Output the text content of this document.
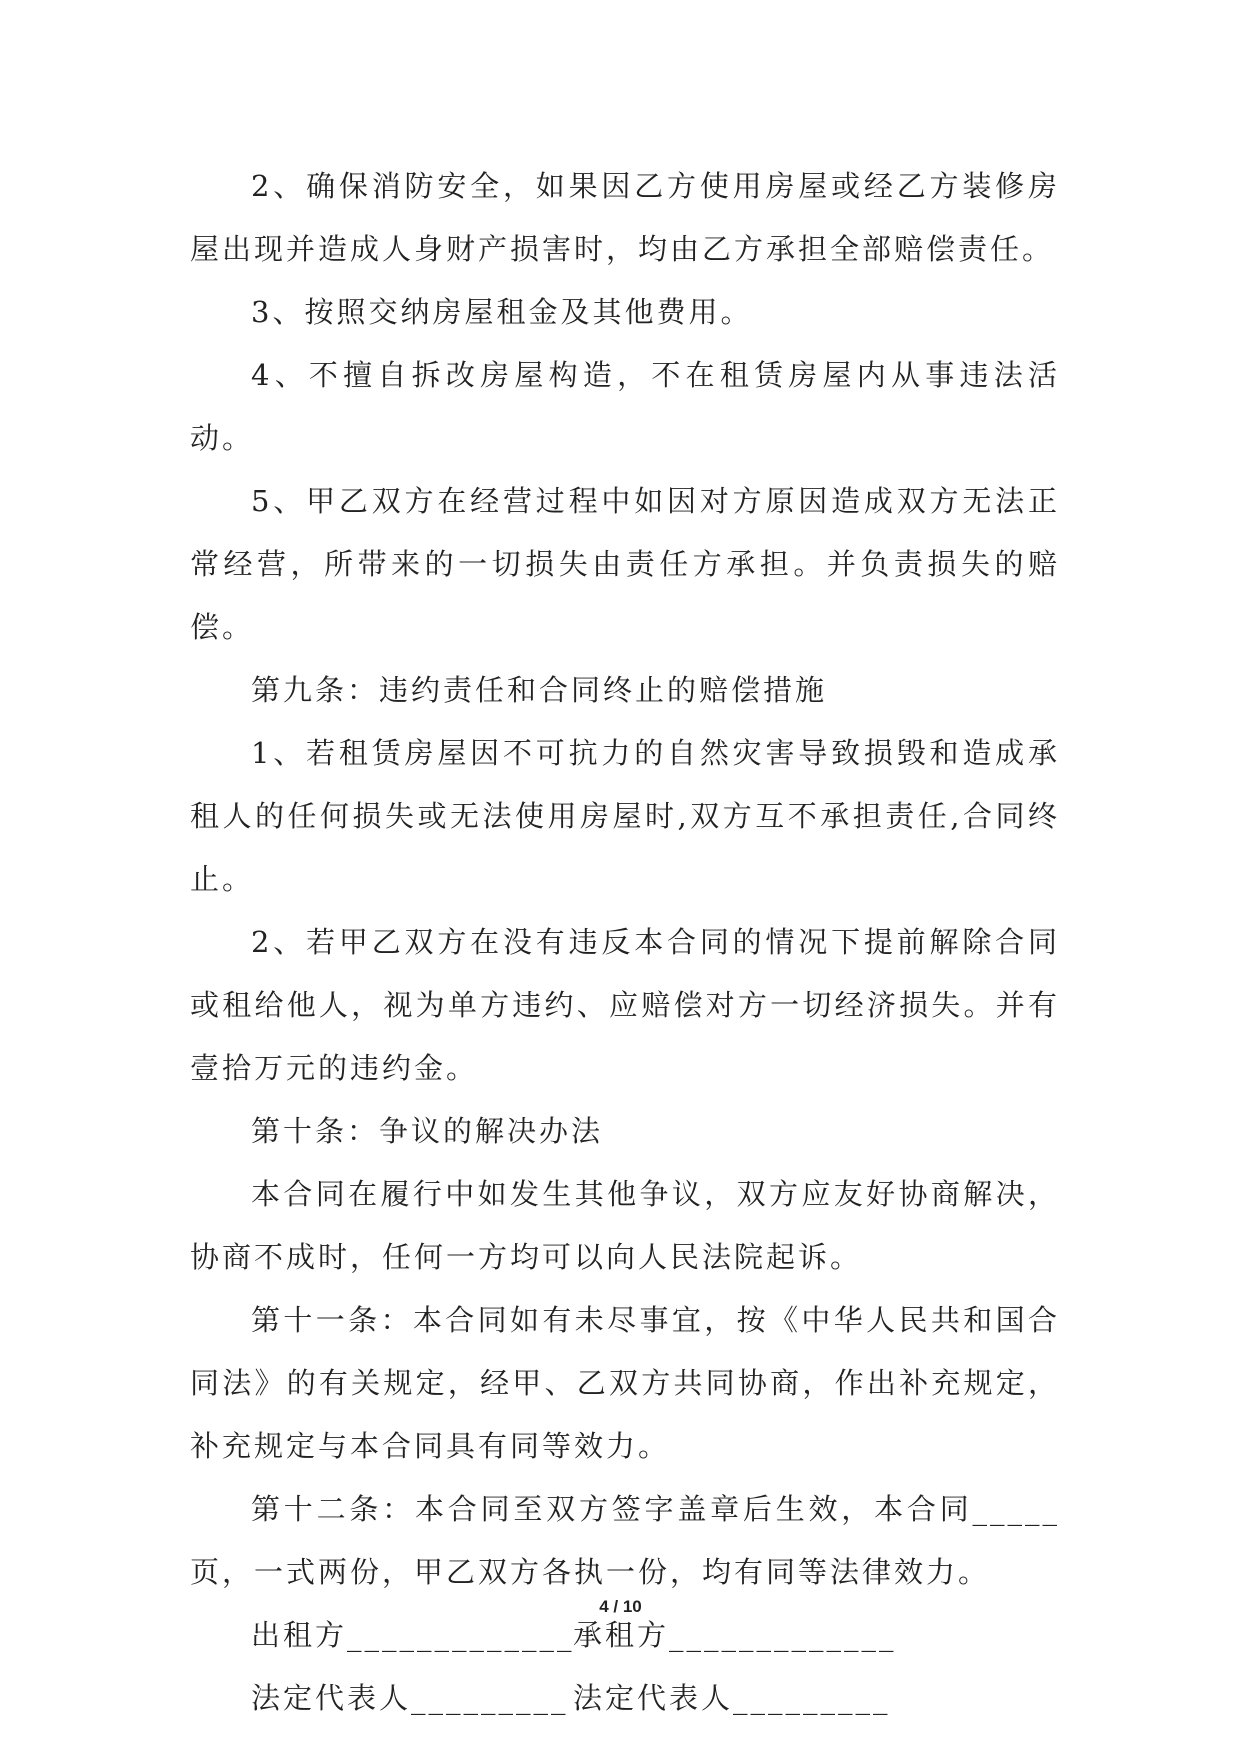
2、确保消防安全，如果因乙方使用房屋或经乙方装修房屋出现并造成人身财产损害时，均由乙方承担全部赔偿责任。

3、按照交纳房屋租金及其他费用。

4、不擅自拆改房屋构造，不在租赁房屋内从事违法活动。

5、甲乙双方在经营过程中如因对方原因造成双方无法正常经营，所带来的一切损失由责任方承担。并负责损失的赔偿。

第九条：违约责任和合同终止的赔偿措施

1、若租赁房屋因不可抗力的自然灾害导致损毁和造成承租人的任何损失或无法使用房屋时,双方互不承担责任,合同终止。

2、若甲乙双方在没有违反本合同的情况下提前解除合同或租给他人，视为单方违约、应赔偿对方一切经济损失。并有壹拾万元的违约金。

第十条：争议的解决办法

本合同在履行中如发生其他争议，双方应友好协商解决，协商不成时，任何一方均可以向人民法院起诉。

第十一条：本合同如有未尽事宜，按《中华人民共和国合同法》的有关规定，经甲、乙双方共同协商，作出补充规定，补充规定与本合同具有同等效力。

第十二条：本合同至双方签字盖章后生效，本合同_____页，一式两份，甲乙双方各执一份，均有同等法律效力。

出租方_____________
承租方_____________
法定代表人_________ 法定代表人_________
4 / 10
